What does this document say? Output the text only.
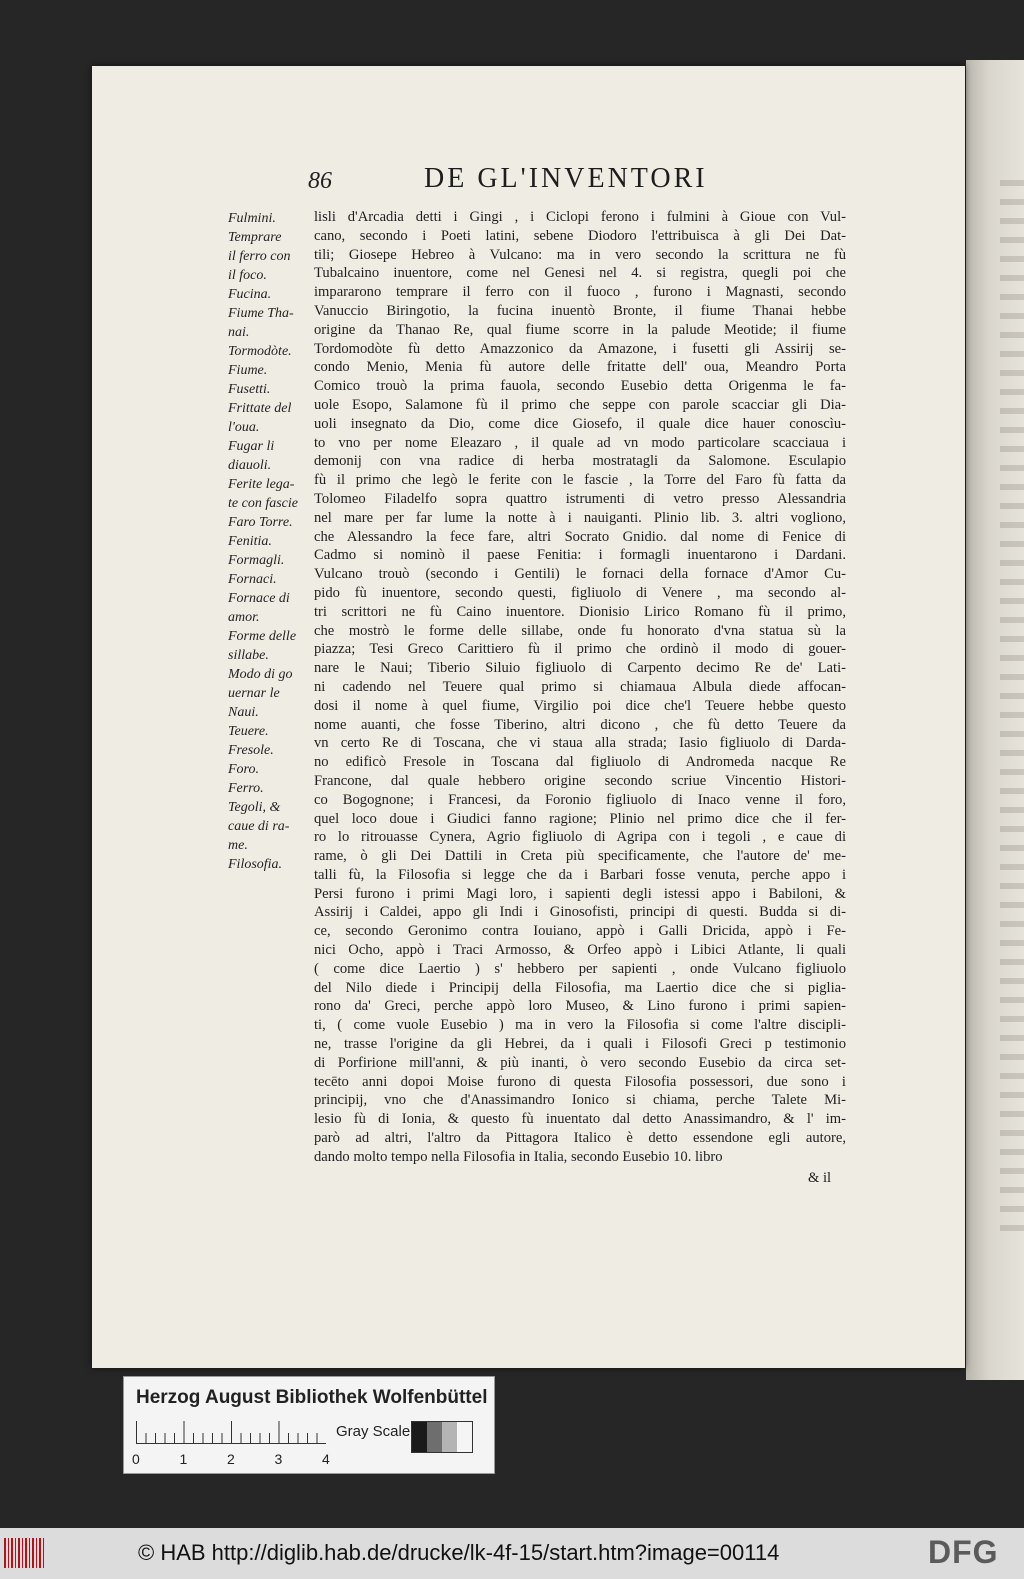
86	DE GL'INVENTORI
Fulmini.
Temprare
il ferro con
il foco.
Fucina.
Fiume Tha-
nai.
Tormodòte.
Fiume.
Fusetti.
Frittate del
l'oua.
Fugar li
diauoli.
Ferite lega-
te con fascie
Faro Torre.
Fenitia.
Formagli.
Fornaci.
Fornace di
amor.
Forme delle
sillabe.
Modo di go
uernar le
Naui.
Teuere.
Fresole.
Foro.
Ferro.
Tegoli, &
caue di ra-
me.
Filosofia.
lisli d'Arcadia detti i Gingi , i Ciclopi ferono i fulmini à Gioue con Vul-
cano, secondo i Poeti latini, sebene Diodoro l'ettribuisca à gli Dei Dat-
tili; Giosepe Hebreo à Vulcano: ma in vero secondo la scrittura ne fù
Tubalcaino inuentore, come nel Genesi nel 4. si registra, quegli poi che
impararono temprare il ferro con il fuoco , furono i Magnasti, secondo
Vanuccio Biringotio, la fucina inuentò Bronte, il fiume Thanai hebbe
origine da Thanao Re, qual fiume scorre in la palude Meotide; il fiume
Tordomodòte fù detto Amazzonico da Amazone, i fusetti gli Assirij se-
condo Menio, Menia fù autore delle fritatte dell' oua, Meandro Porta
Comico trouò la prima fauola, secondo Eusebio detta Origenma le fa-
uole Esopo, Salamone fù il primo che seppe con parole scacciar gli Dia-
uoli insegnato da Dio, come dice Giosefo, il quale dice hauer conoscìu-
to vno per nome Eleazaro , il quale ad vn modo particolare scacciaua i
demonij con vna radice di herba mostratagli da Salomone. Esculapio
fù il primo che legò le ferite con le fascie , la Torre del Faro fù fatta da
Tolomeo Filadelfo sopra quattro istrumenti di vetro presso Alessandria
nel mare per far lume la notte à i nauiganti. Plinio lib. 3. altri vogliono,
che Alessandro la fece fare, altri Socrato Gnidio. dal nome di Fenice di
Cadmo si nominò il paese Fenitia: i formagli inuentarono i Dardani.
Vulcano trouò (secondo i Gentili) le fornaci della fornace d'Amor Cu-
pido fù inuentore, secondo questi, figliuolo di Venere , ma secondo al-
tri scrittori ne fù Caino inuentore. Dionisio Lirico Romano fù il primo,
che mostrò le forme delle sillabe, onde fu honorato d'vna statua sù la
piazza; Tesi Greco Carittiero fù il primo che ordinò il modo di gouer-
nare le Naui; Tiberio Siluio figliuolo di Carpento decimo Re de' Lati-
ni cadendo nel Teuere qual primo si chiamaua Albula diede affocan-
dosi il nome à quel fiume, Virgilio poi dice che'l Teuere hebbe questo
nome auanti, che fosse Tiberino, altri dicono , che fù detto Teuere da
vn certo Re di Toscana, che vi staua alla strada; Iasio figliuolo di Darda-
no edificò Fresole in Toscana dal figliuolo di Andromeda nacque Re
Francone, dal quale hebbero origine secondo scriue Vincentio Histori-
co Bogognone; i Francesi, da Foronio figliuolo di Inaco venne il foro,
quel loco doue i Giudici fanno ragione; Plinio nel primo dice che il fer-
ro lo ritrouasse Cynera, Agrio figliuolo di Agripa con i tegoli , e caue di
rame, ò gli Dei Dattili in Creta più specificamente, che l'autore de' me-
talli fù, la Filosofia si legge che da i Barbari fosse venuta, perche appo i
Persi furono i primi Magi loro, i sapienti degli istessi appo i Babiloni, &
Assirij i Caldei, appo gli Indi i Ginosofisti, principi di questi. Budda si di-
ce, secondo Geronimo contra Iouiano, appò i Galli Dricida, appò i Fe-
nici Ocho, appò i Traci Armosso, & Orfeo appò i Libici Atlante, li quali
( come dice Laertio ) s' hebbero per sapienti , onde Vulcano figliuolo
del Nilo diede i Principij della Filosofia, ma Laertio dice che si piglia-
rono da' Greci, perche appò loro Museo, & Lino furono i primi sapien-
ti, ( come vuole Eusebio ) ma in vero la Filosofia si come l'altre discipli-
ne, trasse l'origine da gli Hebrei, da i quali i Filosofi Greci p testimonio
di Porfirione mill'anni, & più inanti, ò vero secondo Eusebio da circa set-
tecēto anni dopoi Moise furono di questa Filosofia possessori, due sono i
principij, vno che d'Anassimandro Ionico si chiama, perche Talete Mi-
lesio fù di Ionia, & questo fù inuentato dal detto Anassimandro, & l' im-
parò ad altri, l'altro da Pittagora Italico è detto essendone egli autore,
dando molto tempo nella Filosofia in Italia, secondo Eusebio 10. libro
& il
Herzog August Bibliothek Wolfenbüttel
0	1	2	3	4
Gray Scale
© HAB http://diglib.hab.de/drucke/lk-4f-15/start.htm?image=00114	DFG
